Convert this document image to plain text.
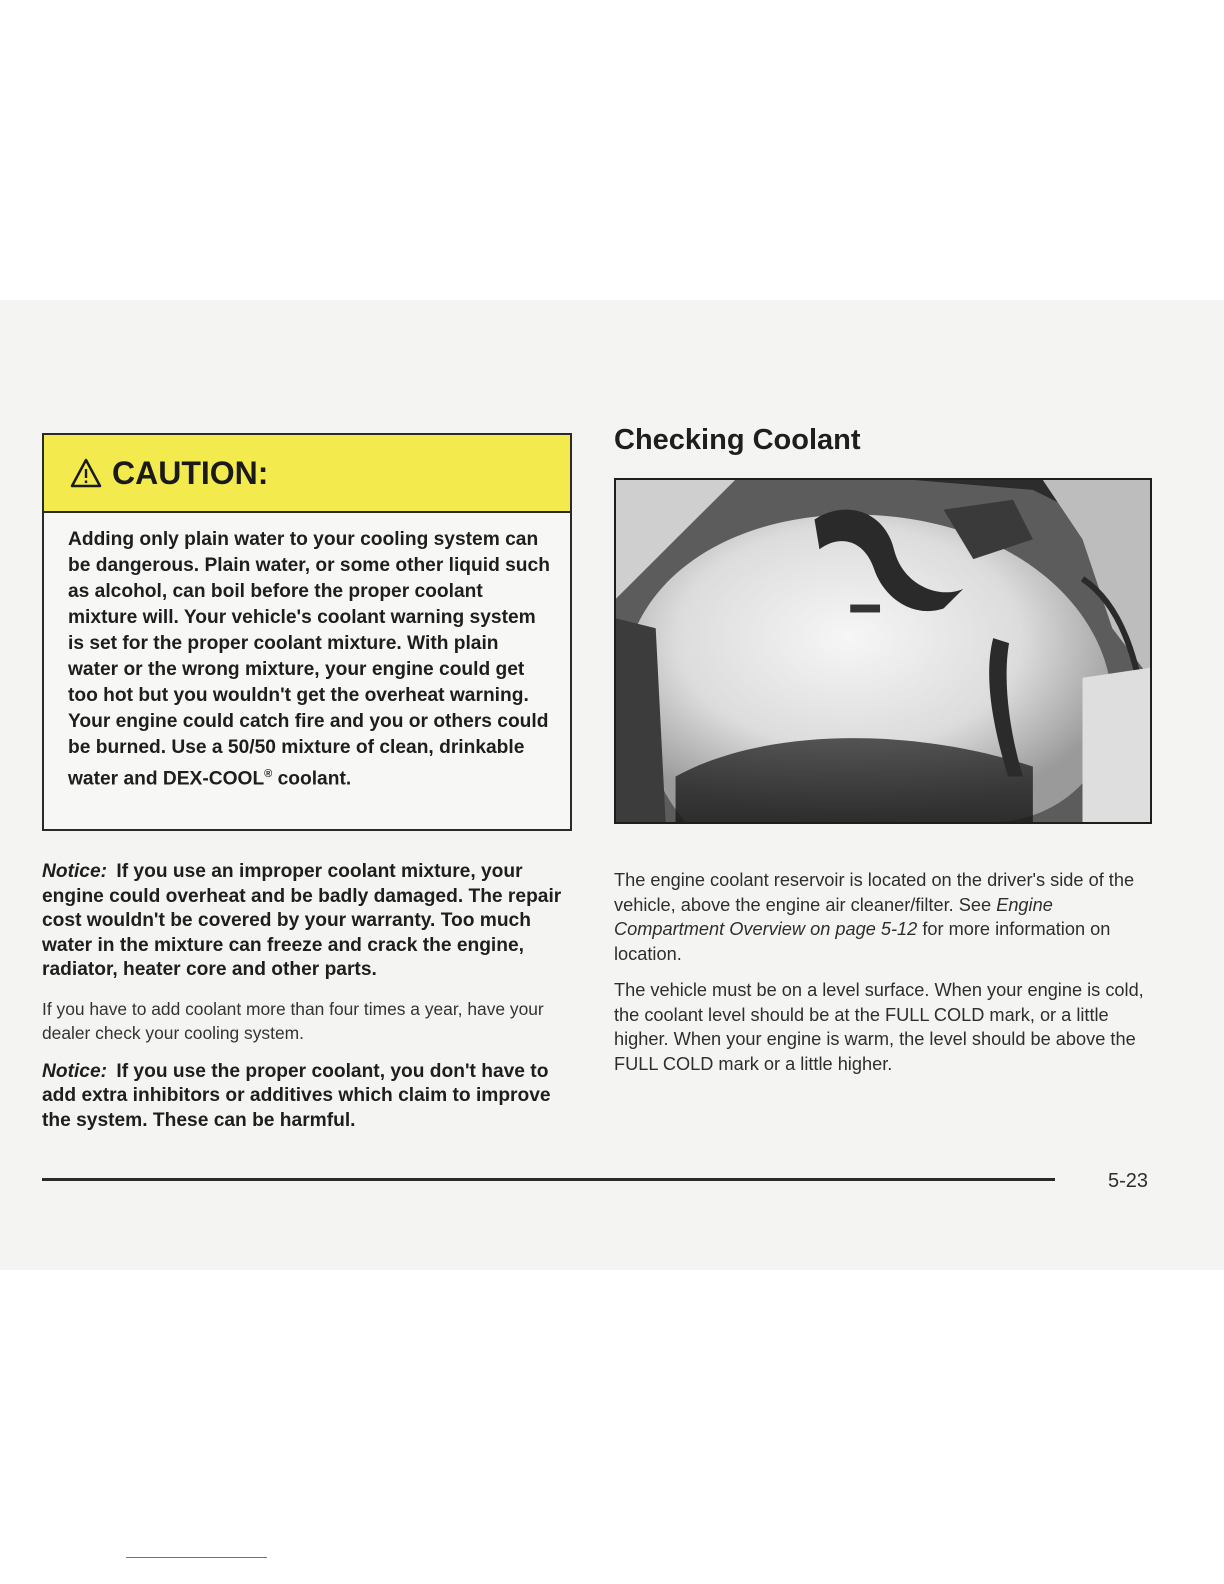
CAUTION:

Adding only plain water to your cooling system can be dangerous. Plain water, or some other liquid such as alcohol, can boil before the proper coolant mixture will. Your vehicle's coolant warning system is set for the proper coolant mixture. With plain water or the wrong mixture, your engine could get too hot but you wouldn't get the overheat warning. Your engine could catch fire and you or others could be burned. Use a 50/50 mixture of clean, drinkable water and DEX-COOL® coolant.

Notice: If you use an improper coolant mixture, your engine could overheat and be badly damaged. The repair cost wouldn't be covered by your warranty. Too much water in the mixture can freeze and crack the engine, radiator, heater core and other parts.

If you have to add coolant more than four times a year, have your dealer check your cooling system.

Notice: If you use the proper coolant, you don't have to add extra inhibitors or additives which claim to improve the system. These can be harmful.

Checking Coolant

The engine coolant reservoir is located on the driver's side of the vehicle, above the engine air cleaner/filter. See Engine Compartment Overview on page 5-12 for more information on location.

The vehicle must be on a level surface. When your engine is cold, the coolant level should be at the FULL COLD mark, or a little higher. When your engine is warm, the level should be above the FULL COLD mark or a little higher.

5-23
